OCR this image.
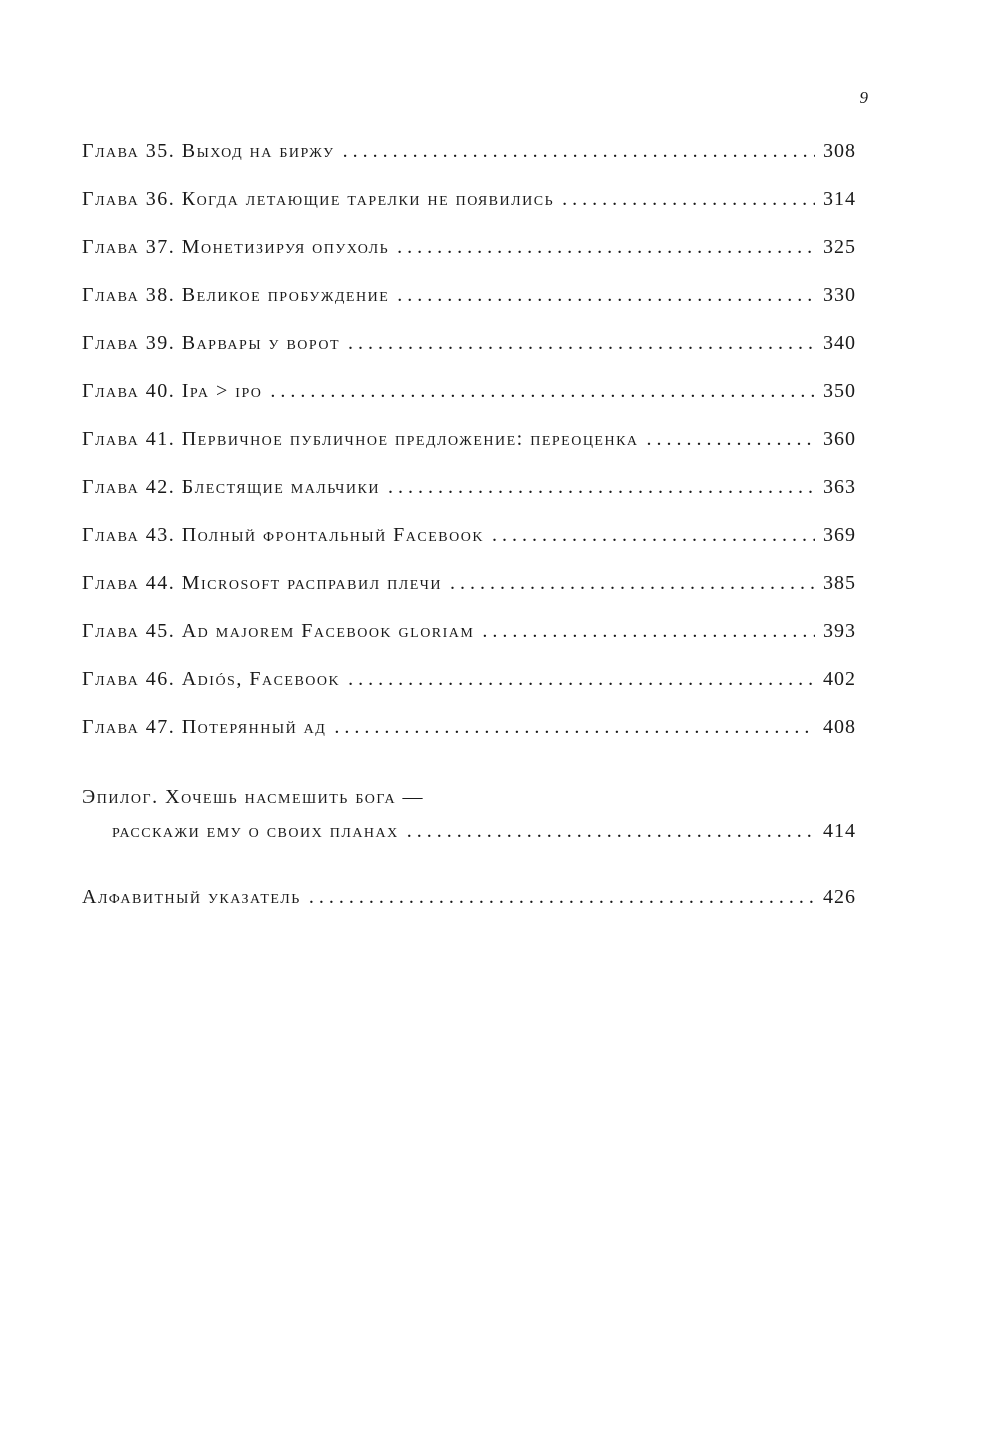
9
Глава 35. Выход на биржу . . .	308
Глава 36. Когда летающие тарелки не появились . . .	314
Глава 37. Монетизируя опухоль . . .	325
Глава 38. Великое пробуждение . . .	330
Глава 39. Варвары у ворот . . .	340
Глава 40. Ipa > ipo . . .	350
Глава 41. Первичное публичное предложение: переоценка . . .	360
Глава 42. Блестящие мальчики . . .	363
Глава 43. Полный фронтальный Facebook . . .	369
Глава 44. Microsoft расправил плечи . . .	385
Глава 45. Ad majorem Facebook gloriam . . .	393
Глава 46. Adiós, Facebook . . .	402
Глава 47. Потерянный ад . . .	408
Эпилог. Хочешь насмешить бога —
расскажи ему о своих планах . . .	414
Алфавитный указатель . . .	426
